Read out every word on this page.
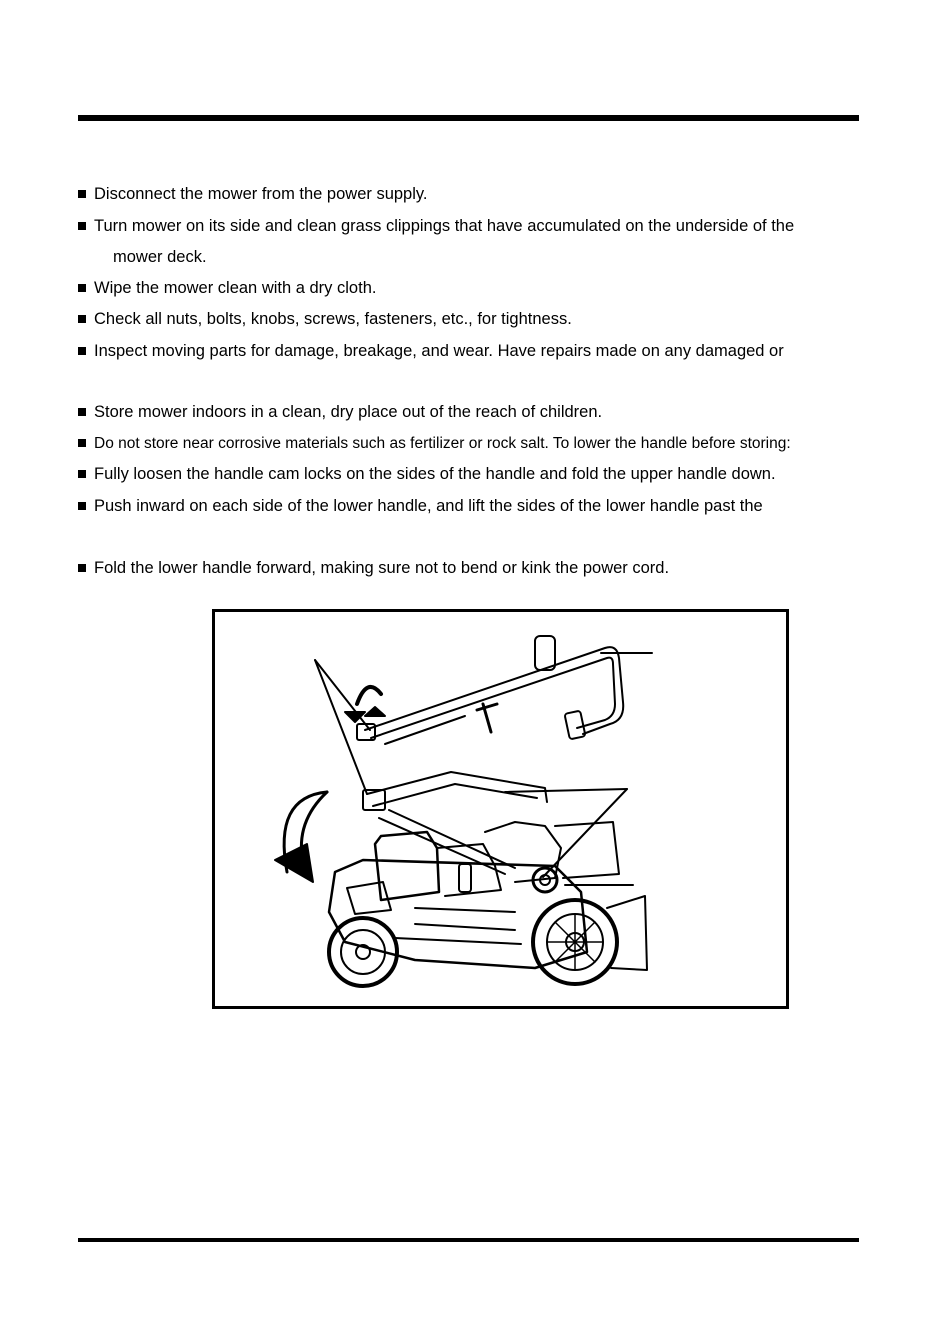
Disconnect the mower from the power supply.
Turn mower on its side and clean grass clippings that have accumulated on the underside of the
mower deck.
Wipe the mower clean with a dry cloth.
Check all nuts, bolts, knobs, screws, fasteners, etc., for tightness.
Inspect moving parts for damage, breakage, and wear. Have repairs made on any damaged or
Store mower indoors in a clean, dry place out of the reach of children.
Do not store near corrosive materials such as fertilizer or rock salt. To lower the handle before storing:
Fully loosen the handle cam locks on the sides of the handle and fold the upper handle down.
Push inward on each side of the lower handle, and lift the sides of the lower handle past the
Fold the lower handle forward, making sure not to bend or kink the power cord.
